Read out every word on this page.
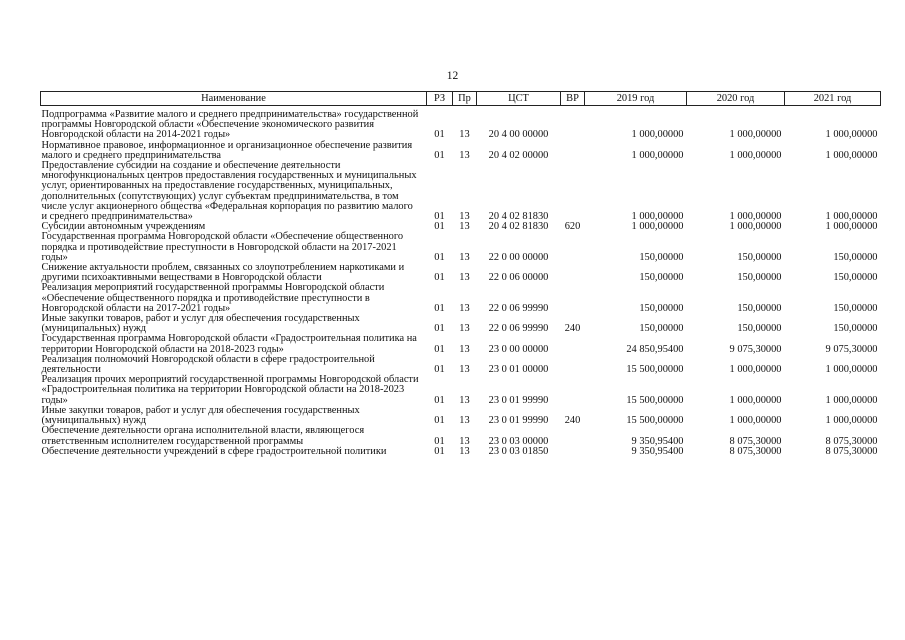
12
Наименование	РЗ	Пр	ЦСТ	ВР	2019 год	2020 год	2021 год
Подпрограмма «Развитие малого и среднего предпринимательства» государственной программы Новгородской области «Обеспечение экономического развития Новгородской области на 2014-2021 годы»	01	13	20 4 00 00000		1 000,00000	1 000,00000	1 000,00000
Нормативное правовое, информационное и организационное обеспечение развития малого и среднего предпринимательства	01	13	20 4 02 00000		1 000,00000	1 000,00000	1 000,00000
Предоставление субсидии на создание и обеспечение деятельности многофункциональных центров предоставления государственных и муниципальных услуг, ориентированных на предоставление государственных, муниципальных, дополнительных (сопутствующих) услуг субъектам предпринимательства, в том числе услуг акционерного общества «Федеральная корпорация по развитию малого и среднего предпринимательства»	01	13	20 4 02 81830		1 000,00000	1 000,00000	1 000,00000
Субсидии автономным учреждениям	01	13	20 4 02 81830	620	1 000,00000	1 000,00000	1 000,00000
Государственная программа Новгородской области «Обеспечение общественного порядка и противодействие преступности в Новгородской области на 2017-2021 годы»	01	13	22 0 00 00000		150,00000	150,00000	150,00000
Снижение актуальности проблем, связанных со злоупотреблением наркотиками и другими психоактивными веществами в Новгородской области	01	13	22 0 06 00000		150,00000	150,00000	150,00000
Реализация мероприятий государственной программы Новгородской области «Обеспечение общественного порядка и противодействие преступности в Новгородской области на 2017-2021 годы»	01	13	22 0 06 99990		150,00000	150,00000	150,00000
Иные закупки товаров, работ и услуг для обеспечения государственных (муниципальных) нужд	01	13	22 0 06 99990	240	150,00000	150,00000	150,00000
Государственная программа Новгородской области «Градостроительная политика на территории Новгородской области на 2018-2023 годы»	01	13	23 0 00 00000		24 850,95400	9 075,30000	9 075,30000
Реализация полномочий Новгородской области в сфере градостроительной деятельности	01	13	23 0 01 00000		15 500,00000	1 000,00000	1 000,00000
Реализация прочих мероприятий государственной программы Новгородской области «Градостроительная политика на территории Новгородской области на 2018-2023 годы»	01	13	23 0 01 99990		15 500,00000	1 000,00000	1 000,00000
Иные закупки товаров, работ и услуг для обеспечения государственных (муниципальных) нужд	01	13	23 0 01 99990	240	15 500,00000	1 000,00000	1 000,00000
Обеспечение деятельности органа исполнительной власти, являющегося ответственным исполнителем государственной программы	01	13	23 0 03 00000		9 350,95400	8 075,30000	8 075,30000
Обеспечение деятельности учреждений в сфере градостроительной политики	01	13	23 0 03 01850		9 350,95400	8 075,30000	8 075,30000
